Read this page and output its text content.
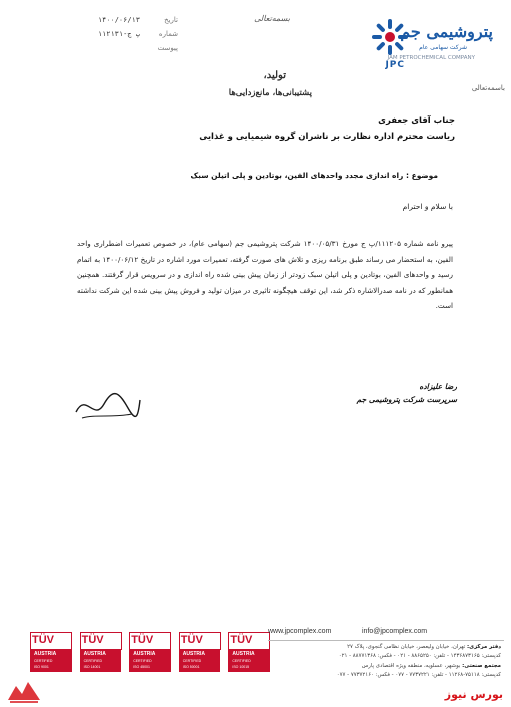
JPC
پتروشیمی جم
شرکت سهامی عام
JAM PETROCHEMICAL COMPANY
باسمه‌تعالی
بسمه‌تعالی
تولید،
پشتیبانی‌ها، مانع‌زدایی‌ها
تاریخ
۱۴۰۰/۰۶/۱۳
شماره
۱۱۲۱۳۱-پ ج
پیوست
جناب آقای جعفری
ریاست محترم اداره نظارت بر ناشران گروه شیمیایی و غذایی
موضوع : راه اندازی مجدد واحدهای الفین، بوتادین و پلی اتیلن سبک
با سلام و احترام
پیرو نامه شماره ۱۱۱۲۰۵/پ ج مورخ ۱۴۰۰/۰۵/۳۱ شرکت پتروشیمی جم (سهامی عام)، در خصوص تعمیرات اضطراری واحد الفین، به استحضار می رساند طبق برنامه ریزی و تلاش های صورت گرفته، تعمیرات مورد اشاره در تاریخ ۱۴۰۰/۰۶/۱۲ به اتمام رسید و واحدهای الفین، بوتادین و پلی اتیلن سبک زودتر از زمان پیش بینی شده راه اندازی و در سرویس قرار گرفتند. همچنین همانطور که در نامه صدرالاشاره ذکر شد، این توقف هیچگونه تاثیری در میزان تولید و فروش پیش بینی شده این شرکت نداشته است.
رضا علیزاده
سرپرست شرکت پتروشیمی جم
TÜV
AUSTRIA
CERTIFIED
ISO 9001
TÜV
AUSTRIA
CERTIFIED
ISO 14001
TÜV
AUSTRIA
CERTIFIED
ISO 45001
TÜV
AUSTRIA
CERTIFIED
ISO 50001
TÜV
AUSTRIA
CERTIFIED
ISO 10015
www.jpcomplex.com	info@jpcomplex.com
دفتر مرکزی: تهران، خیابان ولیعصر، خیابان نظامی گنجوی، پلاک ۲۷
کدپستی: ۱۴۳۶۸۷۳۱۶۵ - تلفن: ۸۸۶۵۲۵۰ - ۰۲۱ - فکس: ۸۸۷۷۱۳۶۸ - ۰۲۱
مجتمع صنعتی: بوشهر، عسلویه، منطقه ویژه اقتصادی پارس
کدپستی: ۷۵۱۱۸-۱۱۲۶۸ - تلفن: ۷۷۳۷۲۲۱ - ۰۷۷ - فکس: ۷۷۳۷۲۱۶۰ - ۰۷۷
بورس نیوز
